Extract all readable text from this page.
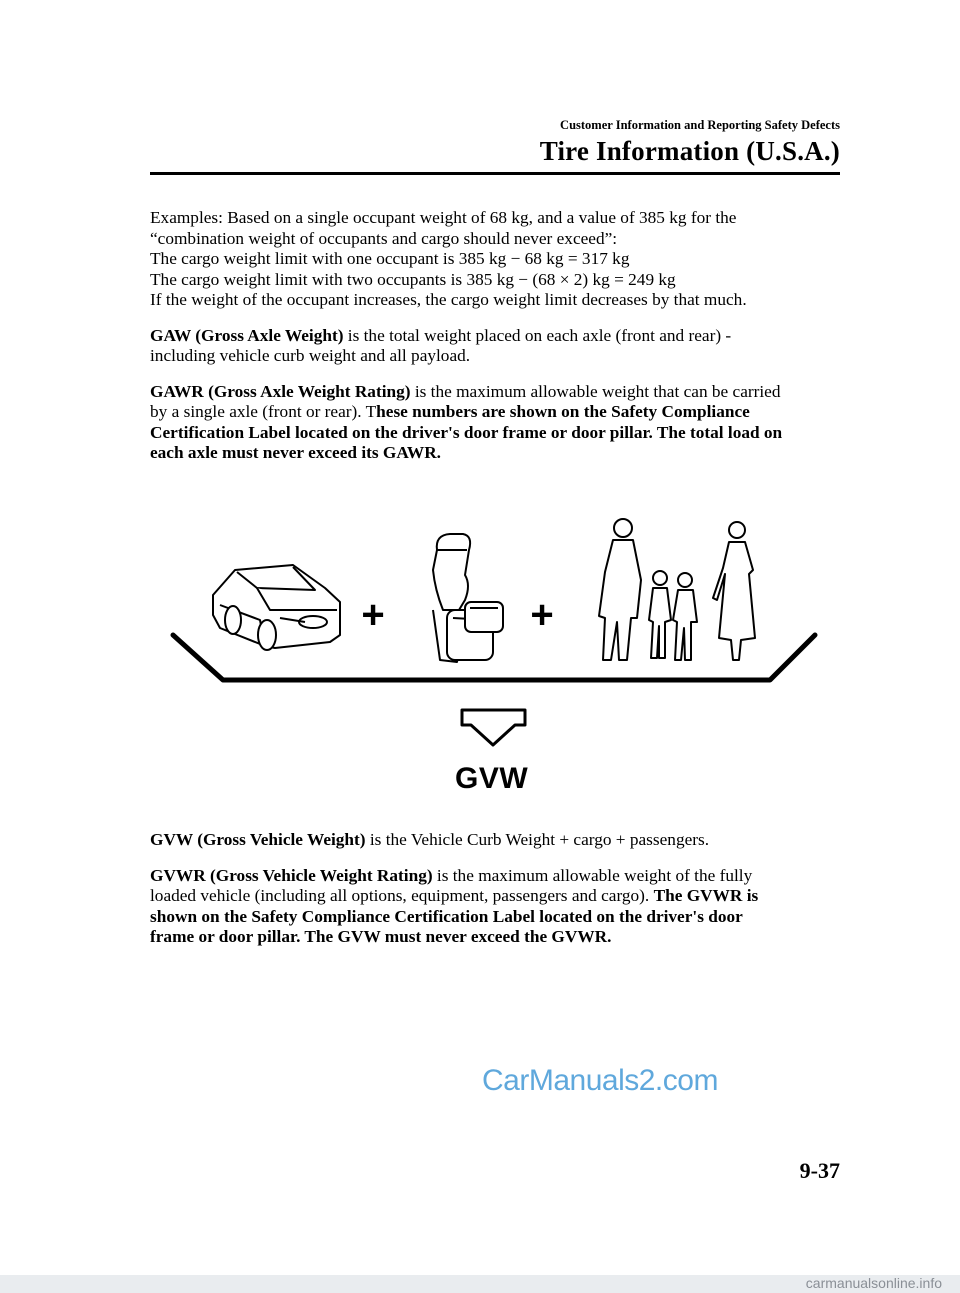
Customer Information and Reporting Safety Defects
Tire Information (U.S.A.)

Examples: Based on a single occupant weight of 68 kg, and a value of 385 kg for the
“combination weight of occupants and cargo should never exceed”:
The cargo weight limit with one occupant is 385 kg − 68 kg = 317 kg
The cargo weight limit with two occupants is 385 kg − (68 × 2) kg = 249 kg
If the weight of the occupant increases, the cargo weight limit decreases by that much.

GAW (Gross Axle Weight) is the total weight placed on each axle (front and rear) -
including vehicle curb weight and all payload.

GAWR (Gross Axle Weight Rating) is the maximum allowable weight that can be carried
by a single axle (front or rear). These numbers are shown on the Safety Compliance
Certification Label located on the driver's door frame or door pillar. The total load on
each axle must never exceed its GAWR.

+	+
GVW

GVW (Gross Vehicle Weight) is the Vehicle Curb Weight + cargo + passengers.

GVWR (Gross Vehicle Weight Rating) is the maximum allowable weight of the fully
loaded vehicle (including all options, equipment, passengers and cargo). The GVWR is
shown on the Safety Compliance Certification Label located on the driver's door
frame or door pillar. The GVW must never exceed the GVWR.

CarManuals2.com
9-37
carmanualsonline.info
